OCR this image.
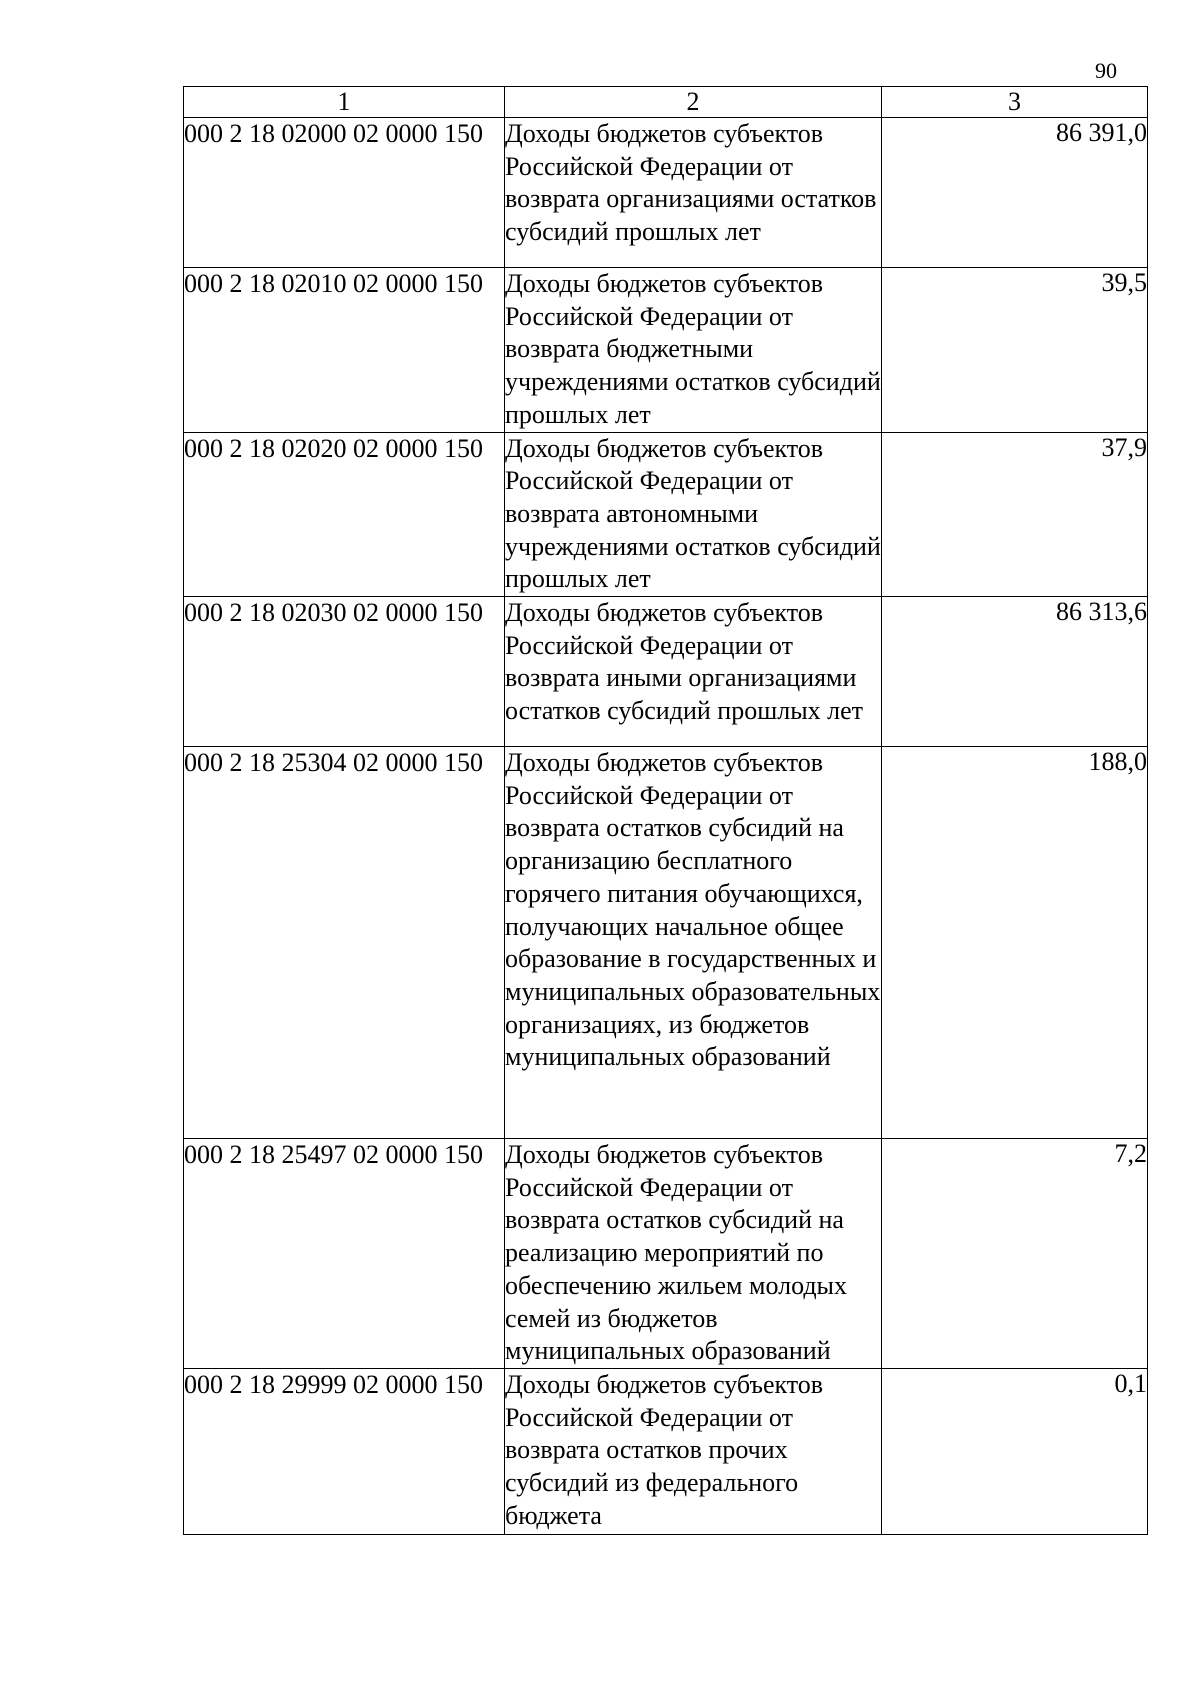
90
1	2	3
000 2 18 02000 02 0000 150	Доходы бюджетов субъектов Российской Федерации от возврата организациями остатков субсидий прошлых лет	86 391,0

000 2 18 02010 02 0000 150	Доходы бюджетов субъектов Российской Федерации от возврата бюджетными учреждениями остатков субсидий прошлых лет	39,5

000 2 18 02020 02 0000 150	Доходы бюджетов субъектов Российской Федерации от возврата автономными учреждениями остатков субсидий прошлых лет	37,9

000 2 18 02030 02 0000 150	Доходы бюджетов субъектов Российской Федерации от возврата иными организациями остатков субсидий прошлых лет	86 313,6

000 2 18 25304 02 0000 150	Доходы бюджетов субъектов Российской Федерации от возврата остатков субсидий на организацию бесплатного горячего питания обучающихся, получающих начальное общее образование в государственных и муниципальных образовательных организациях, из бюджетов муниципальных образований	188,0

000 2 18 25497 02 0000 150	Доходы бюджетов субъектов Российской Федерации от возврата остатков субсидий на реализацию мероприятий по обеспечению жильем молодых семей из бюджетов муниципальных образований	7,2

000 2 18 29999 02 0000 150	Доходы бюджетов субъектов Российской Федерации от возврата остатков прочих субсидий из федерального бюджета	0,1
